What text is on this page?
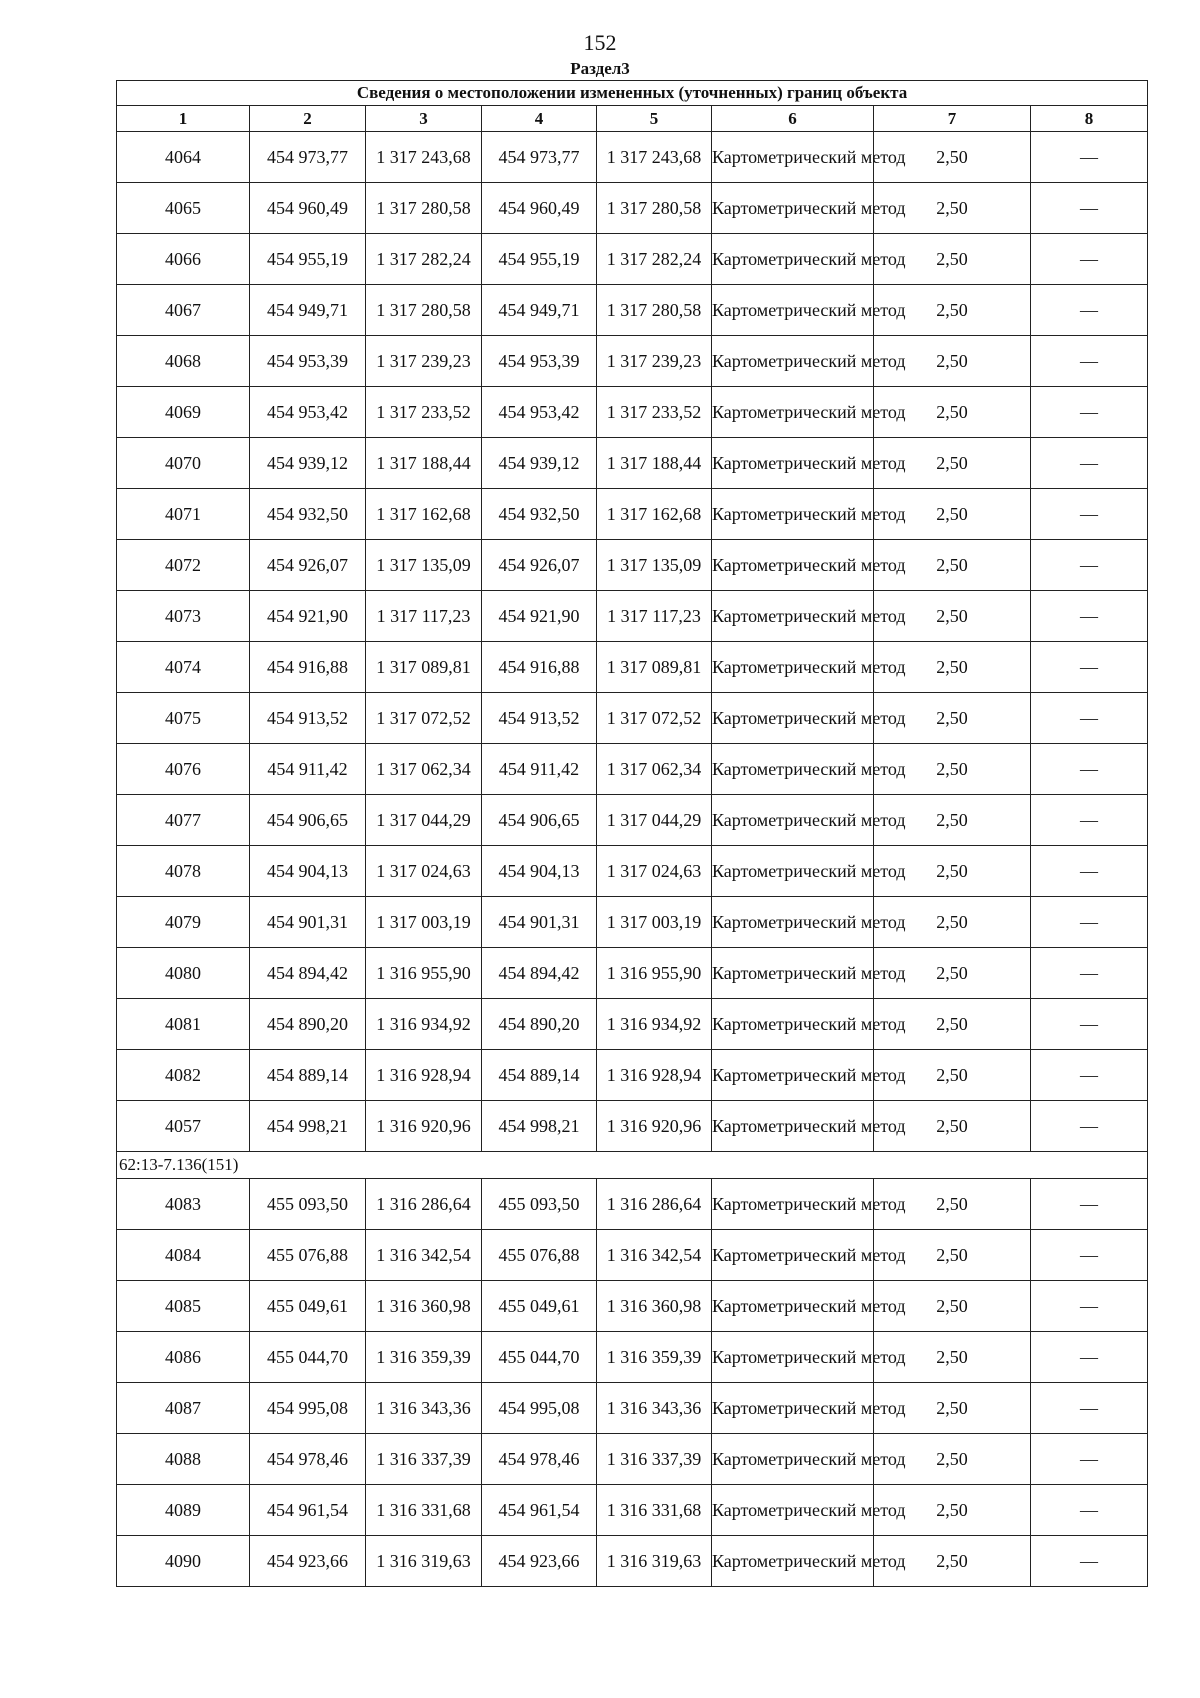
152
Раздел3
Сведения о местоположении измененных (уточненных) границ объекта							
1	2	3	4	5	6	7	8
4064	454 973,77	1 317 243,68	454 973,77	1 317 243,68	Картометрический метод	2,50	—
4065	454 960,49	1 317 280,58	454 960,49	1 317 280,58	Картометрический метод	2,50	—
4066	454 955,19	1 317 282,24	454 955,19	1 317 282,24	Картометрический метод	2,50	—
4067	454 949,71	1 317 280,58	454 949,71	1 317 280,58	Картометрический метод	2,50	—
4068	454 953,39	1 317 239,23	454 953,39	1 317 239,23	Картометрический метод	2,50	—
4069	454 953,42	1 317 233,52	454 953,42	1 317 233,52	Картометрический метод	2,50	—
4070	454 939,12	1 317 188,44	454 939,12	1 317 188,44	Картометрический метод	2,50	—
4071	454 932,50	1 317 162,68	454 932,50	1 317 162,68	Картометрический метод	2,50	—
4072	454 926,07	1 317 135,09	454 926,07	1 317 135,09	Картометрический метод	2,50	—
4073	454 921,90	1 317 117,23	454 921,90	1 317 117,23	Картометрический метод	2,50	—
4074	454 916,88	1 317 089,81	454 916,88	1 317 089,81	Картометрический метод	2,50	—
4075	454 913,52	1 317 072,52	454 913,52	1 317 072,52	Картометрический метод	2,50	—
4076	454 911,42	1 317 062,34	454 911,42	1 317 062,34	Картометрический метод	2,50	—
4077	454 906,65	1 317 044,29	454 906,65	1 317 044,29	Картометрический метод	2,50	—
4078	454 904,13	1 317 024,63	454 904,13	1 317 024,63	Картометрический метод	2,50	—
4079	454 901,31	1 317 003,19	454 901,31	1 317 003,19	Картометрический метод	2,50	—
4080	454 894,42	1 316 955,90	454 894,42	1 316 955,90	Картометрический метод	2,50	—
4081	454 890,20	1 316 934,92	454 890,20	1 316 934,92	Картометрический метод	2,50	—
4082	454 889,14	1 316 928,94	454 889,14	1 316 928,94	Картометрический метод	2,50	—
4057	454 998,21	1 316 920,96	454 998,21	1 316 920,96	Картометрический метод	2,50	—
62:13-7.136(151)							
4083	455 093,50	1 316 286,64	455 093,50	1 316 286,64	Картометрический метод	2,50	—
4084	455 076,88	1 316 342,54	455 076,88	1 316 342,54	Картометрический метод	2,50	—
4085	455 049,61	1 316 360,98	455 049,61	1 316 360,98	Картометрический метод	2,50	—
4086	455 044,70	1 316 359,39	455 044,70	1 316 359,39	Картометрический метод	2,50	—
4087	454 995,08	1 316 343,36	454 995,08	1 316 343,36	Картометрический метод	2,50	—
4088	454 978,46	1 316 337,39	454 978,46	1 316 337,39	Картометрический метод	2,50	—
4089	454 961,54	1 316 331,68	454 961,54	1 316 331,68	Картометрический метод	2,50	—
4090	454 923,66	1 316 319,63	454 923,66	1 316 319,63	Картометрический метод	2,50	—
